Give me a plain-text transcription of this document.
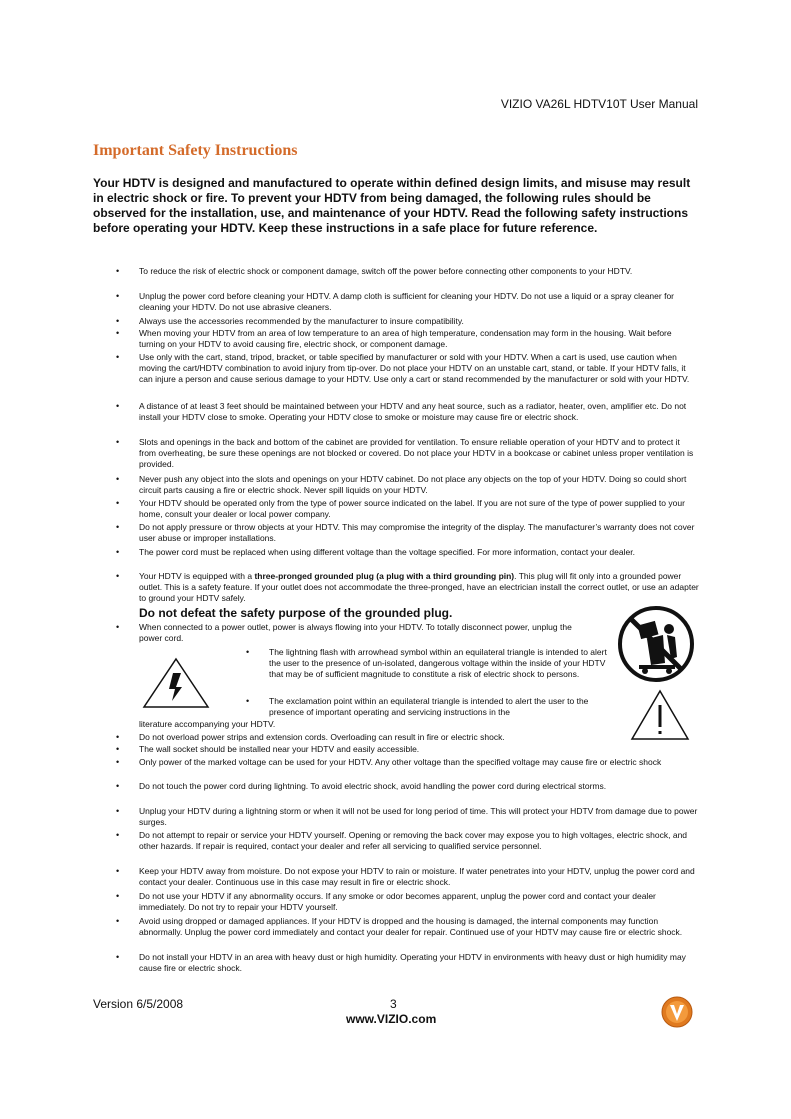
VIZIO VA26L HDTV10T User Manual
Important Safety Instructions
Your HDTV is designed and manufactured to operate within defined design limits, and misuse may result in electric shock or fire. To prevent your HDTV from being damaged, the following rules should be observed for the installation, use, and maintenance of your HDTV. Read the following safety instructions before operating your HDTV. Keep these instructions in a safe place for future reference.
• To reduce the risk of electric shock or component damage, switch off the power before connecting other components to your HDTV.
• Unplug the power cord before cleaning your HDTV. A damp cloth is sufficient for cleaning your HDTV. Do not use a liquid or a spray cleaner for cleaning your HDTV. Do not use abrasive cleaners.
• Always use the accessories recommended by the manufacturer to insure compatibility.
• When moving your HDTV from an area of low temperature to an area of high temperature, condensation may form in the housing. Wait before turning on your HDTV to avoid causing fire, electric shock, or component damage.
• Use only with the cart, stand, tripod, bracket, or table specified by manufacturer or sold with your HDTV. When a cart is used, use caution when moving the cart/HDTV combination to avoid injury from tip-over. Do not place your HDTV on an unstable cart, stand, or table. If your HDTV falls, it can injure a person and cause serious damage to your HDTV. Use only a cart or stand recommended by the manufacturer or sold with your HDTV.
• A distance of at least 3 feet should be maintained between your HDTV and any heat source, such as a radiator, heater, oven, amplifier etc. Do not install your HDTV close to smoke. Operating your HDTV close to smoke or moisture may cause fire or electric shock.
• Slots and openings in the back and bottom of the cabinet are provided for ventilation. To ensure reliable operation of your HDTV and to protect it from overheating, be sure these openings are not blocked or covered. Do not place your HDTV in a bookcase or cabinet unless proper ventilation is provided.
• Never push any object into the slots and openings on your HDTV cabinet. Do not place any objects on the top of your HDTV. Doing so could short circuit parts causing a fire or electric shock. Never spill liquids on your HDTV.
• Your HDTV should be operated only from the type of power source indicated on the label. If you are not sure of the type of power supplied to your home, consult your dealer or local power company.
• Do not apply pressure or throw objects at your HDTV. This may compromise the integrity of the display. The manufacturer’s warranty does not cover user abuse or improper installations.
• The power cord must be replaced when using different voltage than the voltage specified. For more information, contact your dealer.
• Your HDTV is equipped with a three-pronged grounded plug (a plug with a third grounding pin). This plug will fit only into a grounded power outlet. This is a safety feature. If your outlet does not accommodate the three-pronged, have an electrician install the correct outlet, or use an adapter to ground your HDTV safely.
Do not defeat the safety purpose of the grounded plug.
• When connected to a power outlet, power is always flowing into your HDTV. To totally disconnect power, unplug the power cord.
• The lightning flash with arrowhead symbol within an equilateral triangle is intended to alert the user to the presence of un-isolated, dangerous voltage within the inside of your HDTV that may be of sufficient magnitude to constitute a risk of electric shock to persons.
• The exclamation point within an equilateral triangle is intended to alert the user to the presence of important operating and servicing instructions in the
literature accompanying your HDTV.
• Do not overload power strips and extension cords. Overloading can result in fire or electric shock.
• The wall socket should be installed near your HDTV and easily accessible.
• Only power of the marked voltage can be used for your HDTV. Any other voltage than the specified voltage may cause fire or electric shock
• Do not touch the power cord during lightning. To avoid electric shock, avoid handling the power cord during electrical storms.
• Unplug your HDTV during a lightning storm or when it will not be used for long period of time. This will protect your HDTV from damage due to power surges.
• Do not attempt to repair or service your HDTV yourself. Opening or removing the back cover may expose you to high voltages, electric shock, and other hazards. If repair is required, contact your dealer and refer all servicing to qualified service personnel.
• Keep your HDTV away from moisture. Do not expose your HDTV to rain or moisture. If water penetrates into your HDTV, unplug the power cord and contact your dealer. Continuous use in this case may result in fire or electric shock.
• Do not use your HDTV if any abnormality occurs. If any smoke or odor becomes apparent, unplug the power cord and contact your dealer immediately. Do not try to repair your HDTV yourself.
• Avoid using dropped or damaged appliances. If your HDTV is dropped and the housing is damaged, the internal components may function abnormally. Unplug the power cord immediately and contact your dealer for repair. Continued use of your HDTV may cause fire or electric shock.
• Do not install your HDTV in an area with heavy dust or high humidity. Operating your HDTV in environments with heavy dust or high humidity may cause fire or electric shock.
Version 6/5/2008	3
www.VIZIO.com
